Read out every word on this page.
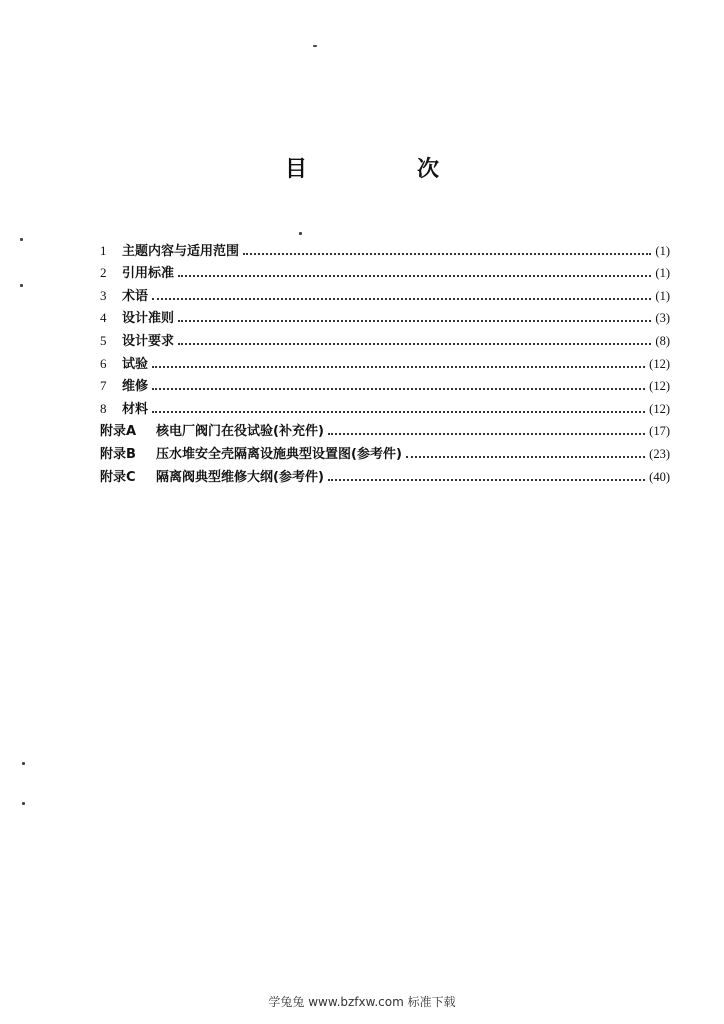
目　次
1	主题内容与适用范围	(1)
2	引用标准	(1)
3	术语	(1)
4	设计准则	(3)
5	设计要求	(8)
6	试验	(12)
7	维修	(12)
8	材料	(12)
附录A	核电厂阀门在役试验(补充件)	(17)
附录B	压水堆安全壳隔离设施典型设置图(参考件)	(23)
附录C	隔离阀典型维修大纲(参考件)	(40)
学兔兔 www.bzfxw.com 标准下载
